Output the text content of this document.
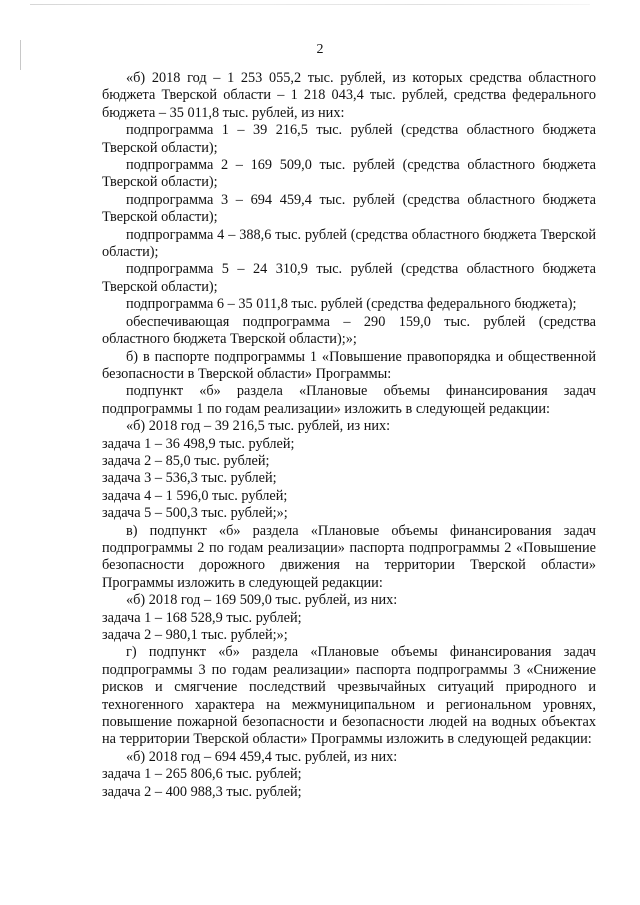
2

«б) 2018 год – 1 253 055,2 тыс. рублей, из которых средства областного бюджета Тверской области – 1 218 043,4 тыс. рублей, средства федерального бюджета – 35 011,8 тыс. рублей, из них:

подпрограмма 1 – 39 216,5 тыс. рублей (средства областного бюджета Тверской области);

подпрограмма 2 – 169 509,0 тыс. рублей (средства областного бюджета Тверской области);

подпрограмма 3 – 694 459,4 тыс. рублей (средства областного бюджета Тверской области);

подпрограмма 4 – 388,6 тыс. рублей (средства областного бюджета Тверской области);

подпрограмма 5 – 24 310,9 тыс. рублей (средства областного бюджета Тверской области);

подпрограмма 6 – 35 011,8 тыс. рублей (средства федерального бюджета);

обеспечивающая подпрограмма – 290 159,0 тыс. рублей (средства областного бюджета Тверской области);»;

б) в паспорте подпрограммы 1 «Повышение правопорядка и общественной безопасности в Тверской области» Программы:

подпункт «б» раздела «Плановые объемы финансирования задач подпрограммы 1 по годам реализации» изложить в следующей редакции:

«б) 2018 год – 39 216,5 тыс. рублей, из них:

задача 1 – 36 498,9 тыс. рублей;

задача 2 – 85,0 тыс. рублей;

задача 3 – 536,3 тыс. рублей;

задача 4 – 1 596,0 тыс. рублей;

задача 5 – 500,3 тыс. рублей;»;

в) подпункт «б» раздела «Плановые объемы финансирования задач подпрограммы 2 по годам реализации» паспорта подпрограммы 2 «Повышение безопасности дорожного движения на территории Тверской области» Программы изложить в следующей редакции:

«б) 2018 год – 169 509,0 тыс. рублей, из них:

задача 1 – 168 528,9 тыс. рублей;

задача 2 – 980,1 тыс. рублей;»;

г) подпункт «б» раздела «Плановые объемы финансирования задач подпрограммы 3 по годам реализации» паспорта подпрограммы 3 «Снижение рисков и смягчение последствий чрезвычайных ситуаций природного и техногенного характера на межмуниципальном и региональном уровнях, повышение пожарной безопасности и безопасности людей на водных объектах на территории Тверской области» Программы изложить в следующей редакции:

«б) 2018 год – 694 459,4 тыс. рублей, из них:

задача 1 – 265 806,6 тыс. рублей;

задача 2 – 400 988,3 тыс. рублей;
